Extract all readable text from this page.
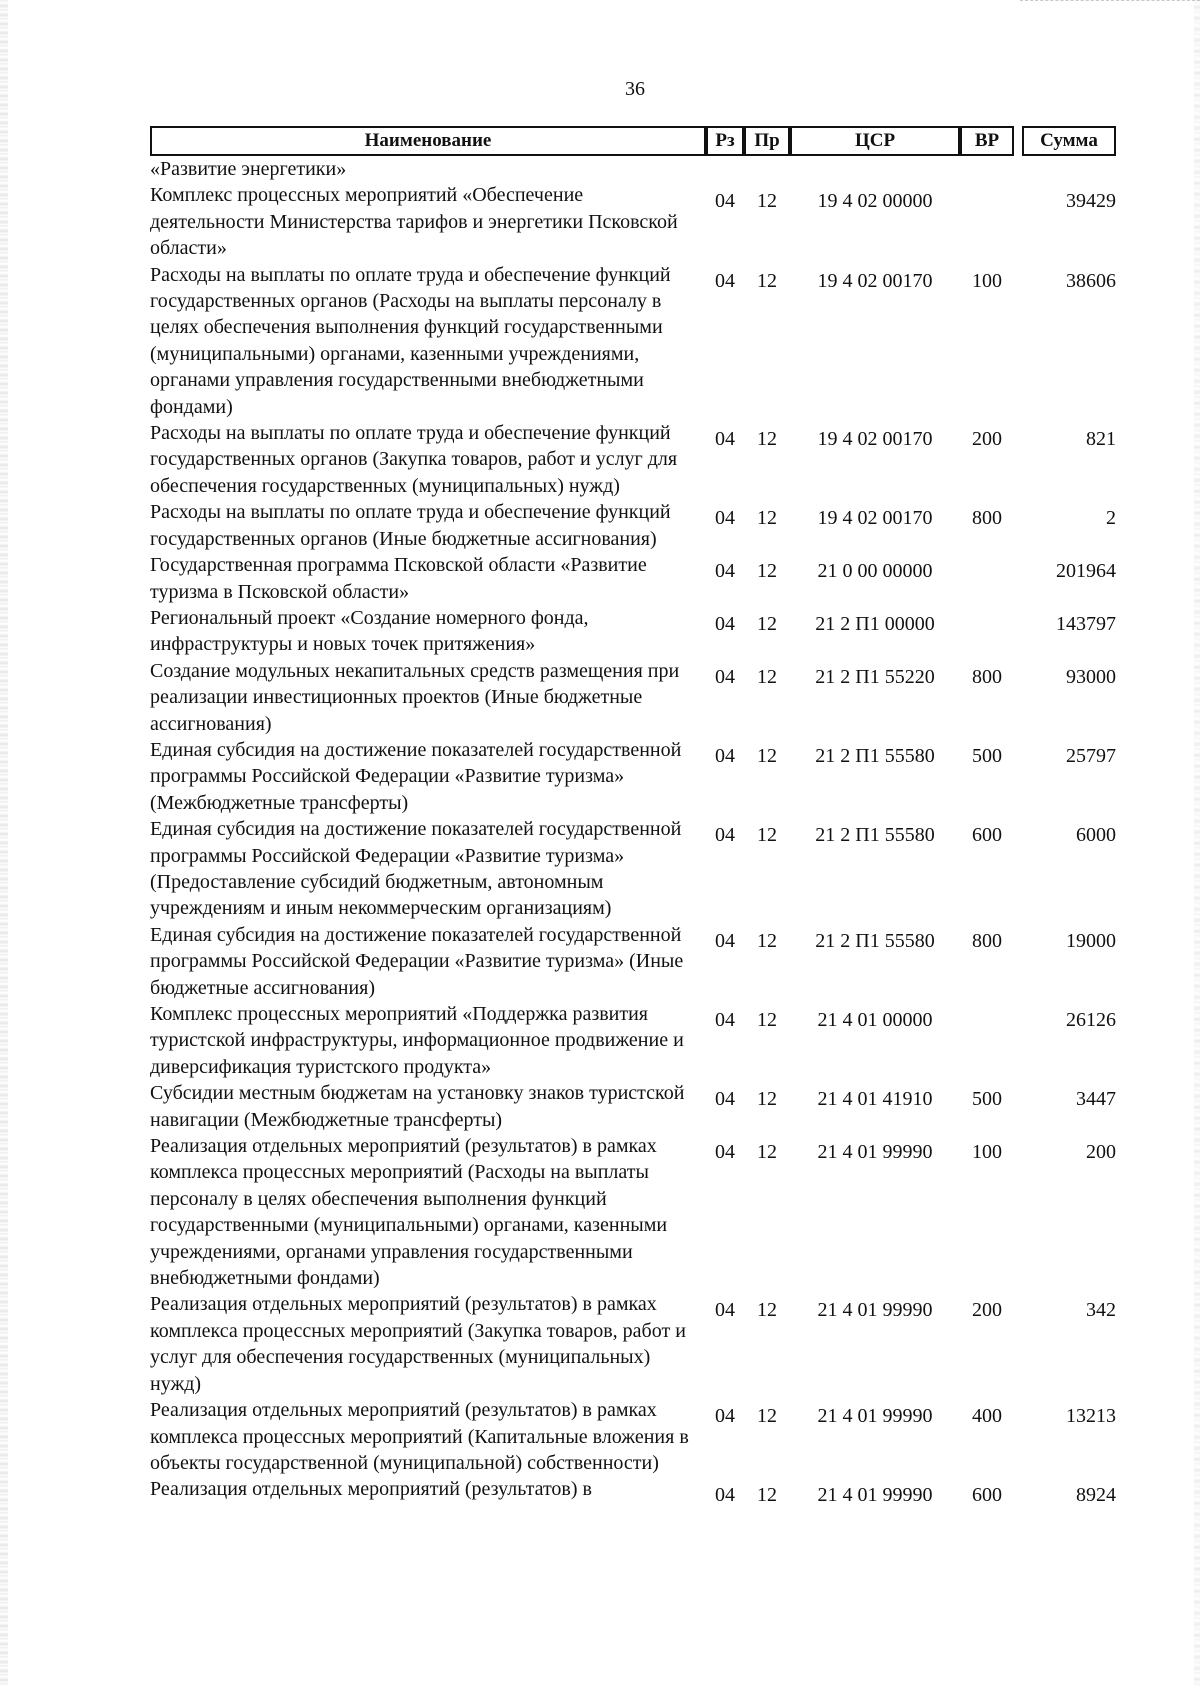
36
Наименование	Рз	Пр	ЦСР	ВР		Сумма
«Развитие энергетики»						
Комплекс процессных мероприятий «Обеспечение деятельности Министерства тарифов и энергетики Псковской области»	04	12	19 4 02 00000			39429
Расходы на выплаты по оплате труда и обеспечение функций государственных органов (Расходы на выплаты персоналу в целях обеспечения выполнения функций государственными (муниципальными) органами, казенными учреждениями, органами управления государственными внебюджетными фондами)	04	12	19 4 02 00170	100		38606
Расходы на выплаты по оплате труда и обеспечение функций государственных органов (Закупка товаров, работ и услуг для обеспечения государственных (муниципальных) нужд)	04	12	19 4 02 00170	200		821
Расходы на выплаты по оплате труда и обеспечение функций государственных органов (Иные бюджетные ассигнования)	04	12	19 4 02 00170	800		2
Государственная программа Псковской области «Развитие туризма в Псковской области»	04	12	21 0 00 00000			201964
Региональный проект «Создание номерного фонда, инфраструктуры и новых точек притяжения»	04	12	21 2 П1 00000			143797
Создание модульных некапитальных средств размещения при реализации инвестиционных проектов (Иные бюджетные ассигнования)	04	12	21 2 П1 55220	800		93000
Единая субсидия на достижение показателей государственной программы Российской Федерации «Развитие туризма» (Межбюджетные трансферты)	04	12	21 2 П1 55580	500		25797
Единая субсидия на достижение показателей государственной программы Российской Федерации «Развитие туризма» (Предоставление субсидий бюджетным, автономным учреждениям и иным некоммерческим организациям)	04	12	21 2 П1 55580	600		6000
Единая субсидия на достижение показателей государственной программы Российской Федерации «Развитие туризма» (Иные бюджетные ассигнования)	04	12	21 2 П1 55580	800		19000
Комплекс процессных мероприятий «Поддержка развития туристской инфраструктуры, информационное продвижение и диверсификация туристского продукта»	04	12	21 4 01 00000			26126
Субсидии местным бюджетам на установку знаков туристской навигации (Межбюджетные трансферты)	04	12	21 4 01 41910	500		3447
Реализация отдельных мероприятий (результатов) в рамках комплекса процессных мероприятий (Расходы на выплаты персоналу в целях обеспечения выполнения функций государственными (муниципальными) органами, казенными учреждениями, органами управления государственными внебюджетными фондами)	04	12	21 4 01 99990	100		200
Реализация отдельных мероприятий (результатов) в рамках комплекса процессных мероприятий (Закупка товаров, работ и услуг для обеспечения государственных (муниципальных) нужд)	04	12	21 4 01 99990	200		342
Реализация отдельных мероприятий (результатов) в рамках комплекса процессных мероприятий (Капитальные вложения в объекты государственной (муниципальной) собственности)	04	12	21 4 01 99990	400		13213
Реализация отдельных мероприятий (результатов) в	04	12	21 4 01 99990	600		8924
